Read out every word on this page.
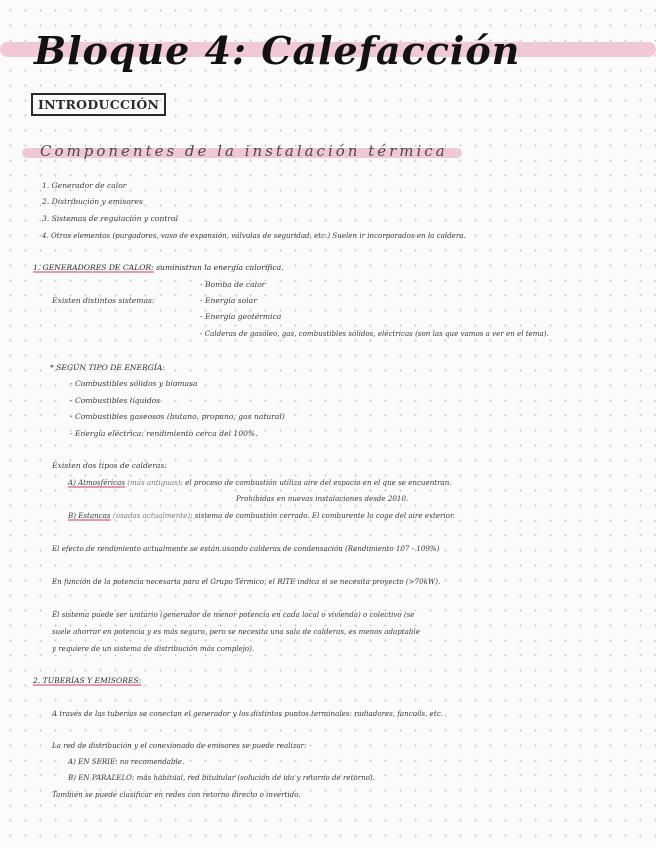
Bloque 4: Calefacción
INTRODUCCIÓN
Componentes de la instalación térmica
1. Generador de calor
2. Distribución y emisores
3. Sistemas de regulación y control
4. Otros elementos (purgadores, vaso de expansión, válvulas de seguridad, etc.) Suelen ir incorporados en la caldera.
1. GENERADORES DE CALOR: suministran la energía calorífica.
Existen distintos sistemas:
- Bomba de calor
- Energía solar
- Energía geotérmica
- Calderas de gasóleo, gas, combustibles sólidos, eléctricas (son las que vamos a ver en el tema).
* SEGÚN TIPO DE ENERGÍA:
- Combustibles sólidos y biomasa
- Combustibles líquidos
- Combustibles gaseosos (butano, propano, gas natural)
- Energía eléctrica: rendimiento cerca del 100%.
Existen dos tipos de calderas:
A) Atmosféricas (más antiguas): el proceso de combustión utiliza aire del espacio en el que se encuentran.
Prohibidas en nuevas instalaciones desde 2010.
B) Estancas (usadas actualmente): sistema de combustión cerrado. El comburente lo coge del aire exterior.
El efecto de rendimiento actualmente se están usando calderas de condensación (Rendimiento 107 - 109%)
En función de la potencia necesaria para el Grupo Térmico, el RITE indica si se necesita proyecto (>70kW).
El sistema puede ser unitario (generador de menor potencia en cada local o vivienda) o colectivo (se
suele ahorrar en potencia y es más seguro, pero se necesita una sala de calderas, es menos adaptable
y requiere de un sistema de distribución más complejo).
2. TUBERÍAS Y EMISORES:
A través de las tuberías se conectan el generador y los distintos puntos terminales: radiadores, fancoils, etc.
La red de distribución y el conexionado de emisores se puede realizar:
A) EN SERIE: no recomendable.
B) EN PARALELO: más habitual, red bitubular (solución de ida y retorno de retorno).
También se puede clasificar en redes con retorno directo o invertido.
